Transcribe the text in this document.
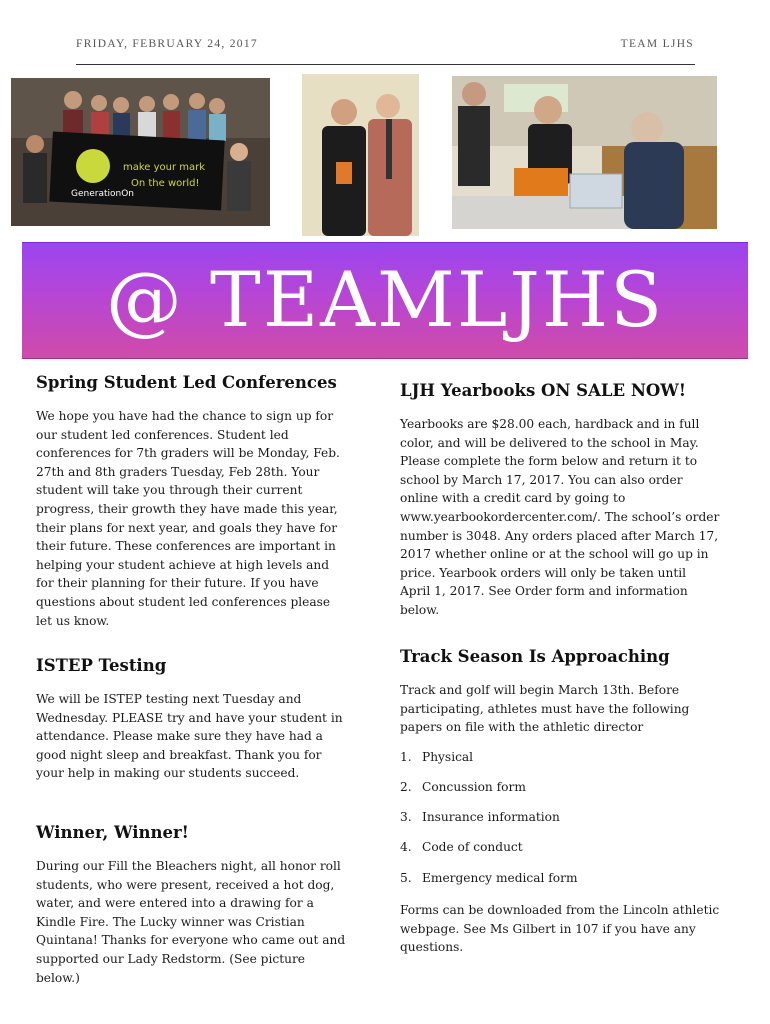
FRIDAY, FEBRUARY 24, 2017	TEAM LJHS
GenerationOn
make your mark
On the world!
@ TEAMLJHS
Spring Student Led Conferences

We hope you have had the chance to sign up for our student led conferences. Student led conferences for 7th graders will be Monday, Feb. 27th and 8th graders Tuesday, Feb 28th. Your student will take you through their current progress, their growth they have made this year, their plans for next year, and goals they have for their future. These conferences are important in helping your student achieve at high levels and for their planning for their future. If you have questions about student led conferences please let us know.

ISTEP Testing

We will be ISTEP testing next Tuesday and Wednesday. PLEASE try and have your student in attendance. Please make sure they have had a good night sleep and breakfast. Thank you for your help in making our students succeed.

Winner, Winner!

During our Fill the Bleachers night, all honor roll students, who were present, received a hot dog, water, and were entered into a drawing for a Kindle Fire. The Lucky winner was Cristian Quintana! Thanks for everyone who came out and supported our Lady Redstorm. (See picture below.)

LJH Yearbooks ON SALE NOW!

Yearbooks are $28.00 each, hardback and in full color, and will be delivered to the school in May. Please complete the form below and return it to school by March 17, 2017. You can also order online with a credit card by going to www.yearbookordercenter.com/. The school’s order number is 3048. Any orders placed after March 17, 2017 whether online or at the school will go up in price. Yearbook orders will only be taken until April 1, 2017. See Order form and information below.

Track Season Is Approaching

Track and golf will begin March 13th. Before participating, athletes must have the following papers on file with the athletic director

1. Physical
2. Concussion form
3. Insurance information
4. Code of conduct
5. Emergency medical form

Forms can be downloaded from the Lincoln athletic webpage. See Ms Gilbert in 107 if you have any questions.
